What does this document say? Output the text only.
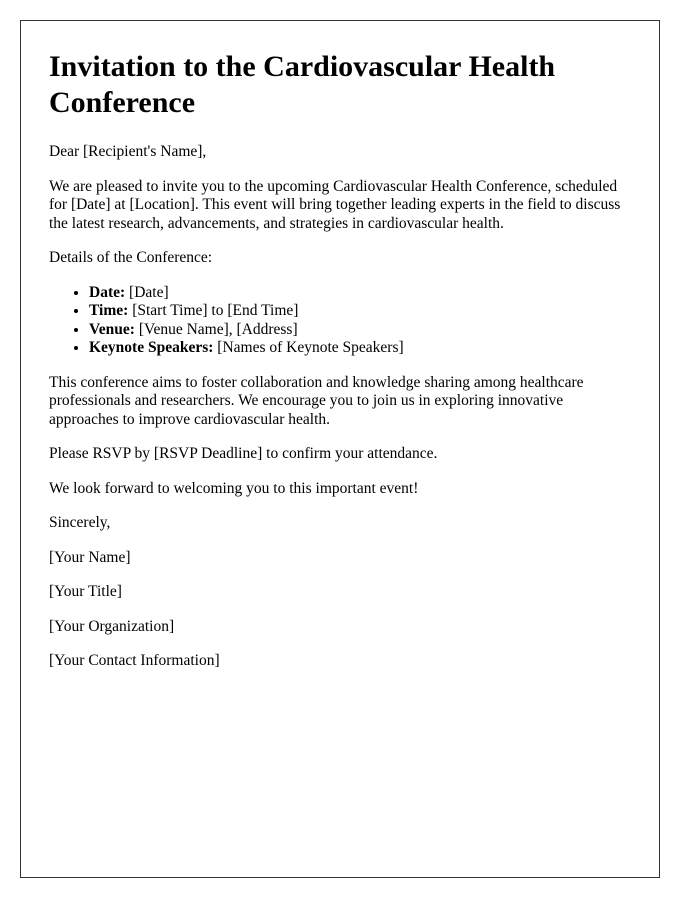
Invitation to the Cardiovascular Health Conference

Dear [Recipient's Name],

We are pleased to invite you to the upcoming Cardiovascular Health Conference, scheduled for [Date] at [Location]. This event will bring together leading experts in the field to discuss the latest research, advancements, and strategies in cardiovascular health.

Details of the Conference:

• Date: [Date]
• Time: [Start Time] to [End Time]
• Venue: [Venue Name], [Address]
• Keynote Speakers: [Names of Keynote Speakers]

This conference aims to foster collaboration and knowledge sharing among healthcare professionals and researchers. We encourage you to join us in exploring innovative approaches to improve cardiovascular health.

Please RSVP by [RSVP Deadline] to confirm your attendance.

We look forward to welcoming you to this important event!

Sincerely,

[Your Name]

[Your Title]

[Your Organization]

[Your Contact Information]
